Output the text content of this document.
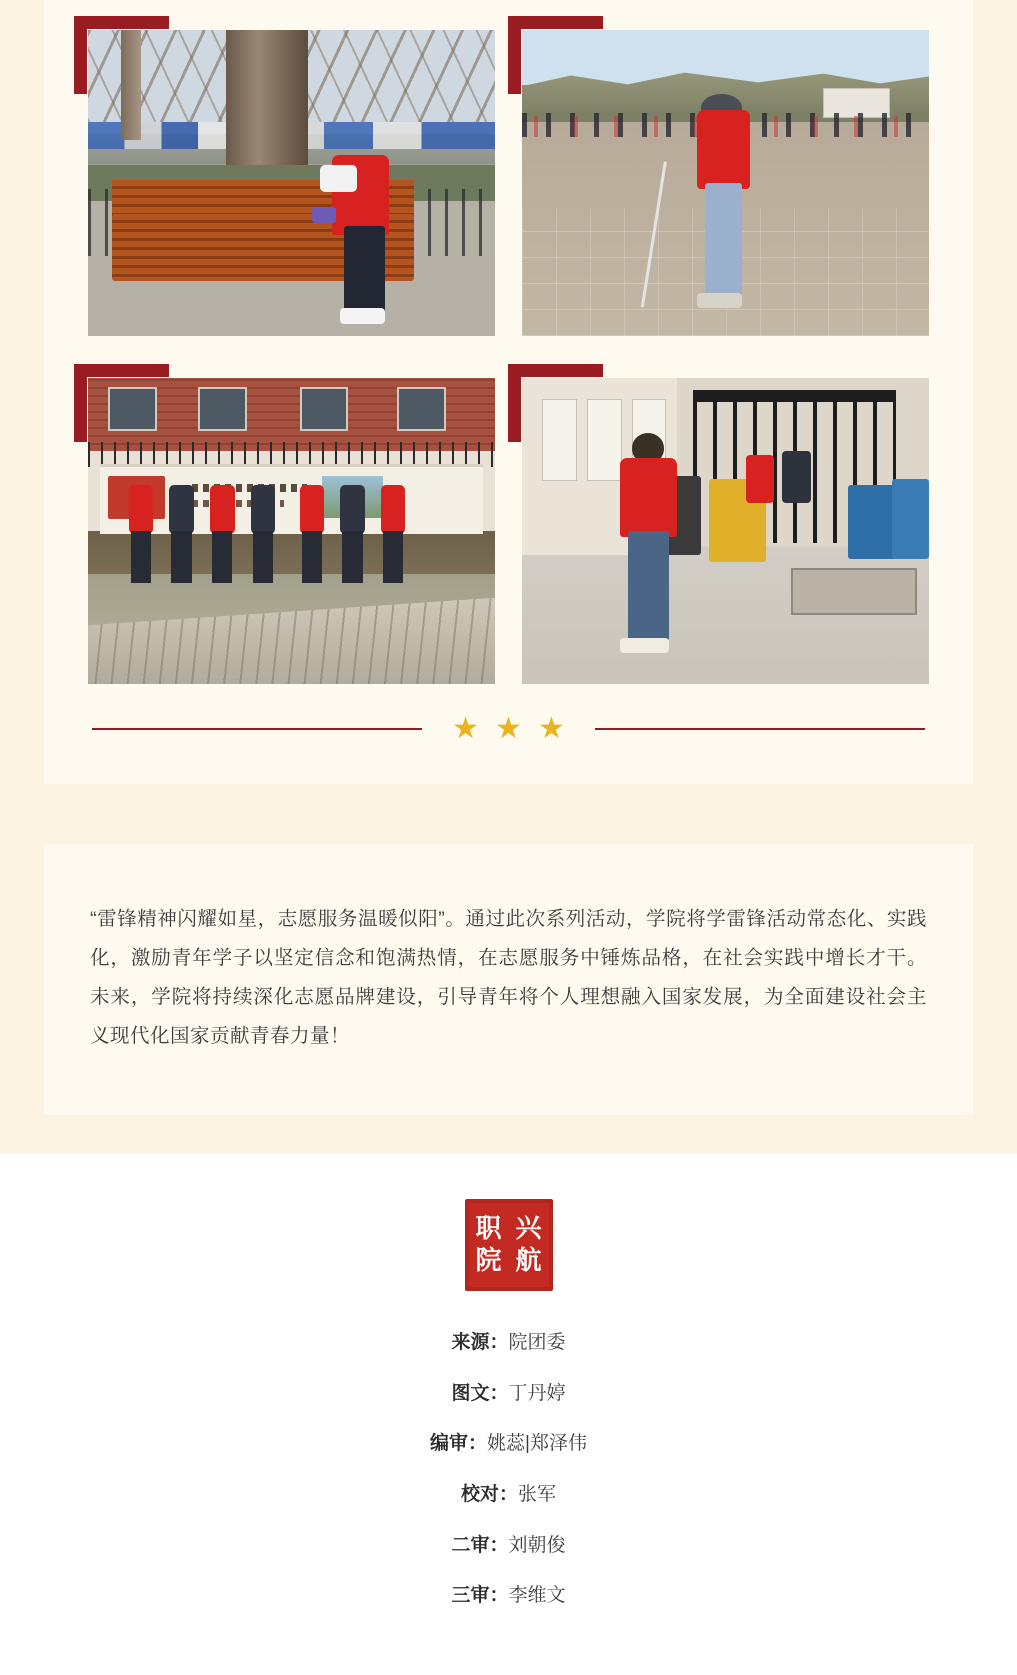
★ ★ ★

“雷锋精神闪耀如星，志愿服务温暖似阳”。通过此次系列活动，学院将学雷锋活动常态化、实践化，激励青年学子以坚定信念和饱满热情，在志愿服务中锤炼品格，在社会实践中增长才干。未来，学院将持续深化志愿品牌建设，引导青年将个人理想融入国家发展，为全面建设社会主义现代化国家贡献青春力量！

职 兴
院 航

来源：院团委

图文：丁丹婷

编审：姚蕊|郑泽伟

校对：张军

二审：刘朝俊

三审：李维文
